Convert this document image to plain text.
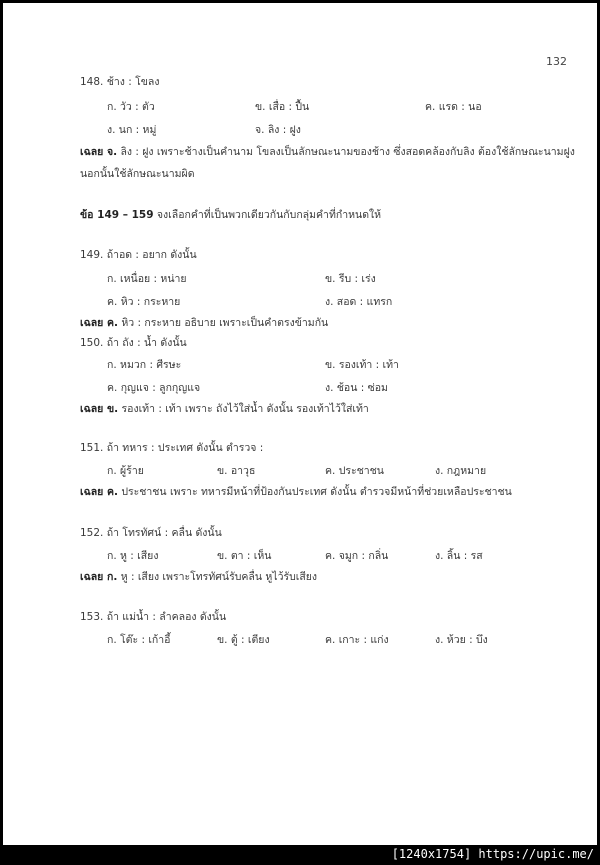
132
148. ช้าง : โขลง
ก. วัว : ตัว	ข. เสื่อ : ปื้น	ค. แรด : นอ
ง. นก : หมู่	จ. ลิง : ฝูง
เฉลย จ. ลิง : ฝูง เพราะช้างเป็นคำนาม โขลงเป็นลักษณะนามของช้าง ซึ่งสอดคล้องกับลิง ต้องใช้ลักษณะนามฝูง
นอกนั้นใช้ลักษณะนามผิด
ข้อ 149 – 159 จงเลือกคำที่เป็นพวกเดียวกันกับกลุ่มคำที่กำหนดให้
149. ถ้าอด : อยาก ดังนั้น
ก. เหนื่อย : หน่าย	ข. รีบ : เร่ง
ค. หิว : กระหาย	ง. สอด : แทรก
เฉลย ค. หิว : กระหาย อธิบาย เพราะเป็นคำตรงข้ามกัน
150. ถ้า ถัง : น้ำ ดังนั้น
ก. หมวก : ศีรษะ	ข. รองเท้า : เท้า
ค. กุญแจ : ลูกกุญแจ	ง. ช้อน : ซ่อม
เฉลย ข. รองเท้า : เท้า เพราะ ถังไว้ใส่น้ำ ดังนั้น รองเท้าไว้ใส่เท้า
151. ถ้า ทหาร : ประเทศ ดังนั้น ตำรวจ :
ก. ผู้ร้าย	ข. อาวุธ	ค. ประชาชน	ง. กฎหมาย
เฉลย ค. ประชาชน เพราะ ทหารมีหน้าที่ป้องกันประเทศ ดังนั้น ตำรวจมีหน้าที่ช่วยเหลือประชาชน
152. ถ้า โทรทัศน์ : คลื่น ดังนั้น
ก. หู : เสียง	ข. ตา : เห็น	ค. จมูก : กลิ่น	ง. ลิ้น : รส
เฉลย ก. หู : เสียง เพราะโทรทัศน์รับคลื่น หูไว้รับเสียง
153. ถ้า แม่น้ำ : ลำคลอง ดังนั้น
ก. โต๊ะ : เก้าอี้	ข. ตู้ : เตียง	ค. เกาะ : แก่ง	ง. ห้วย : บึง
[1240x1754] https://upic.me/
